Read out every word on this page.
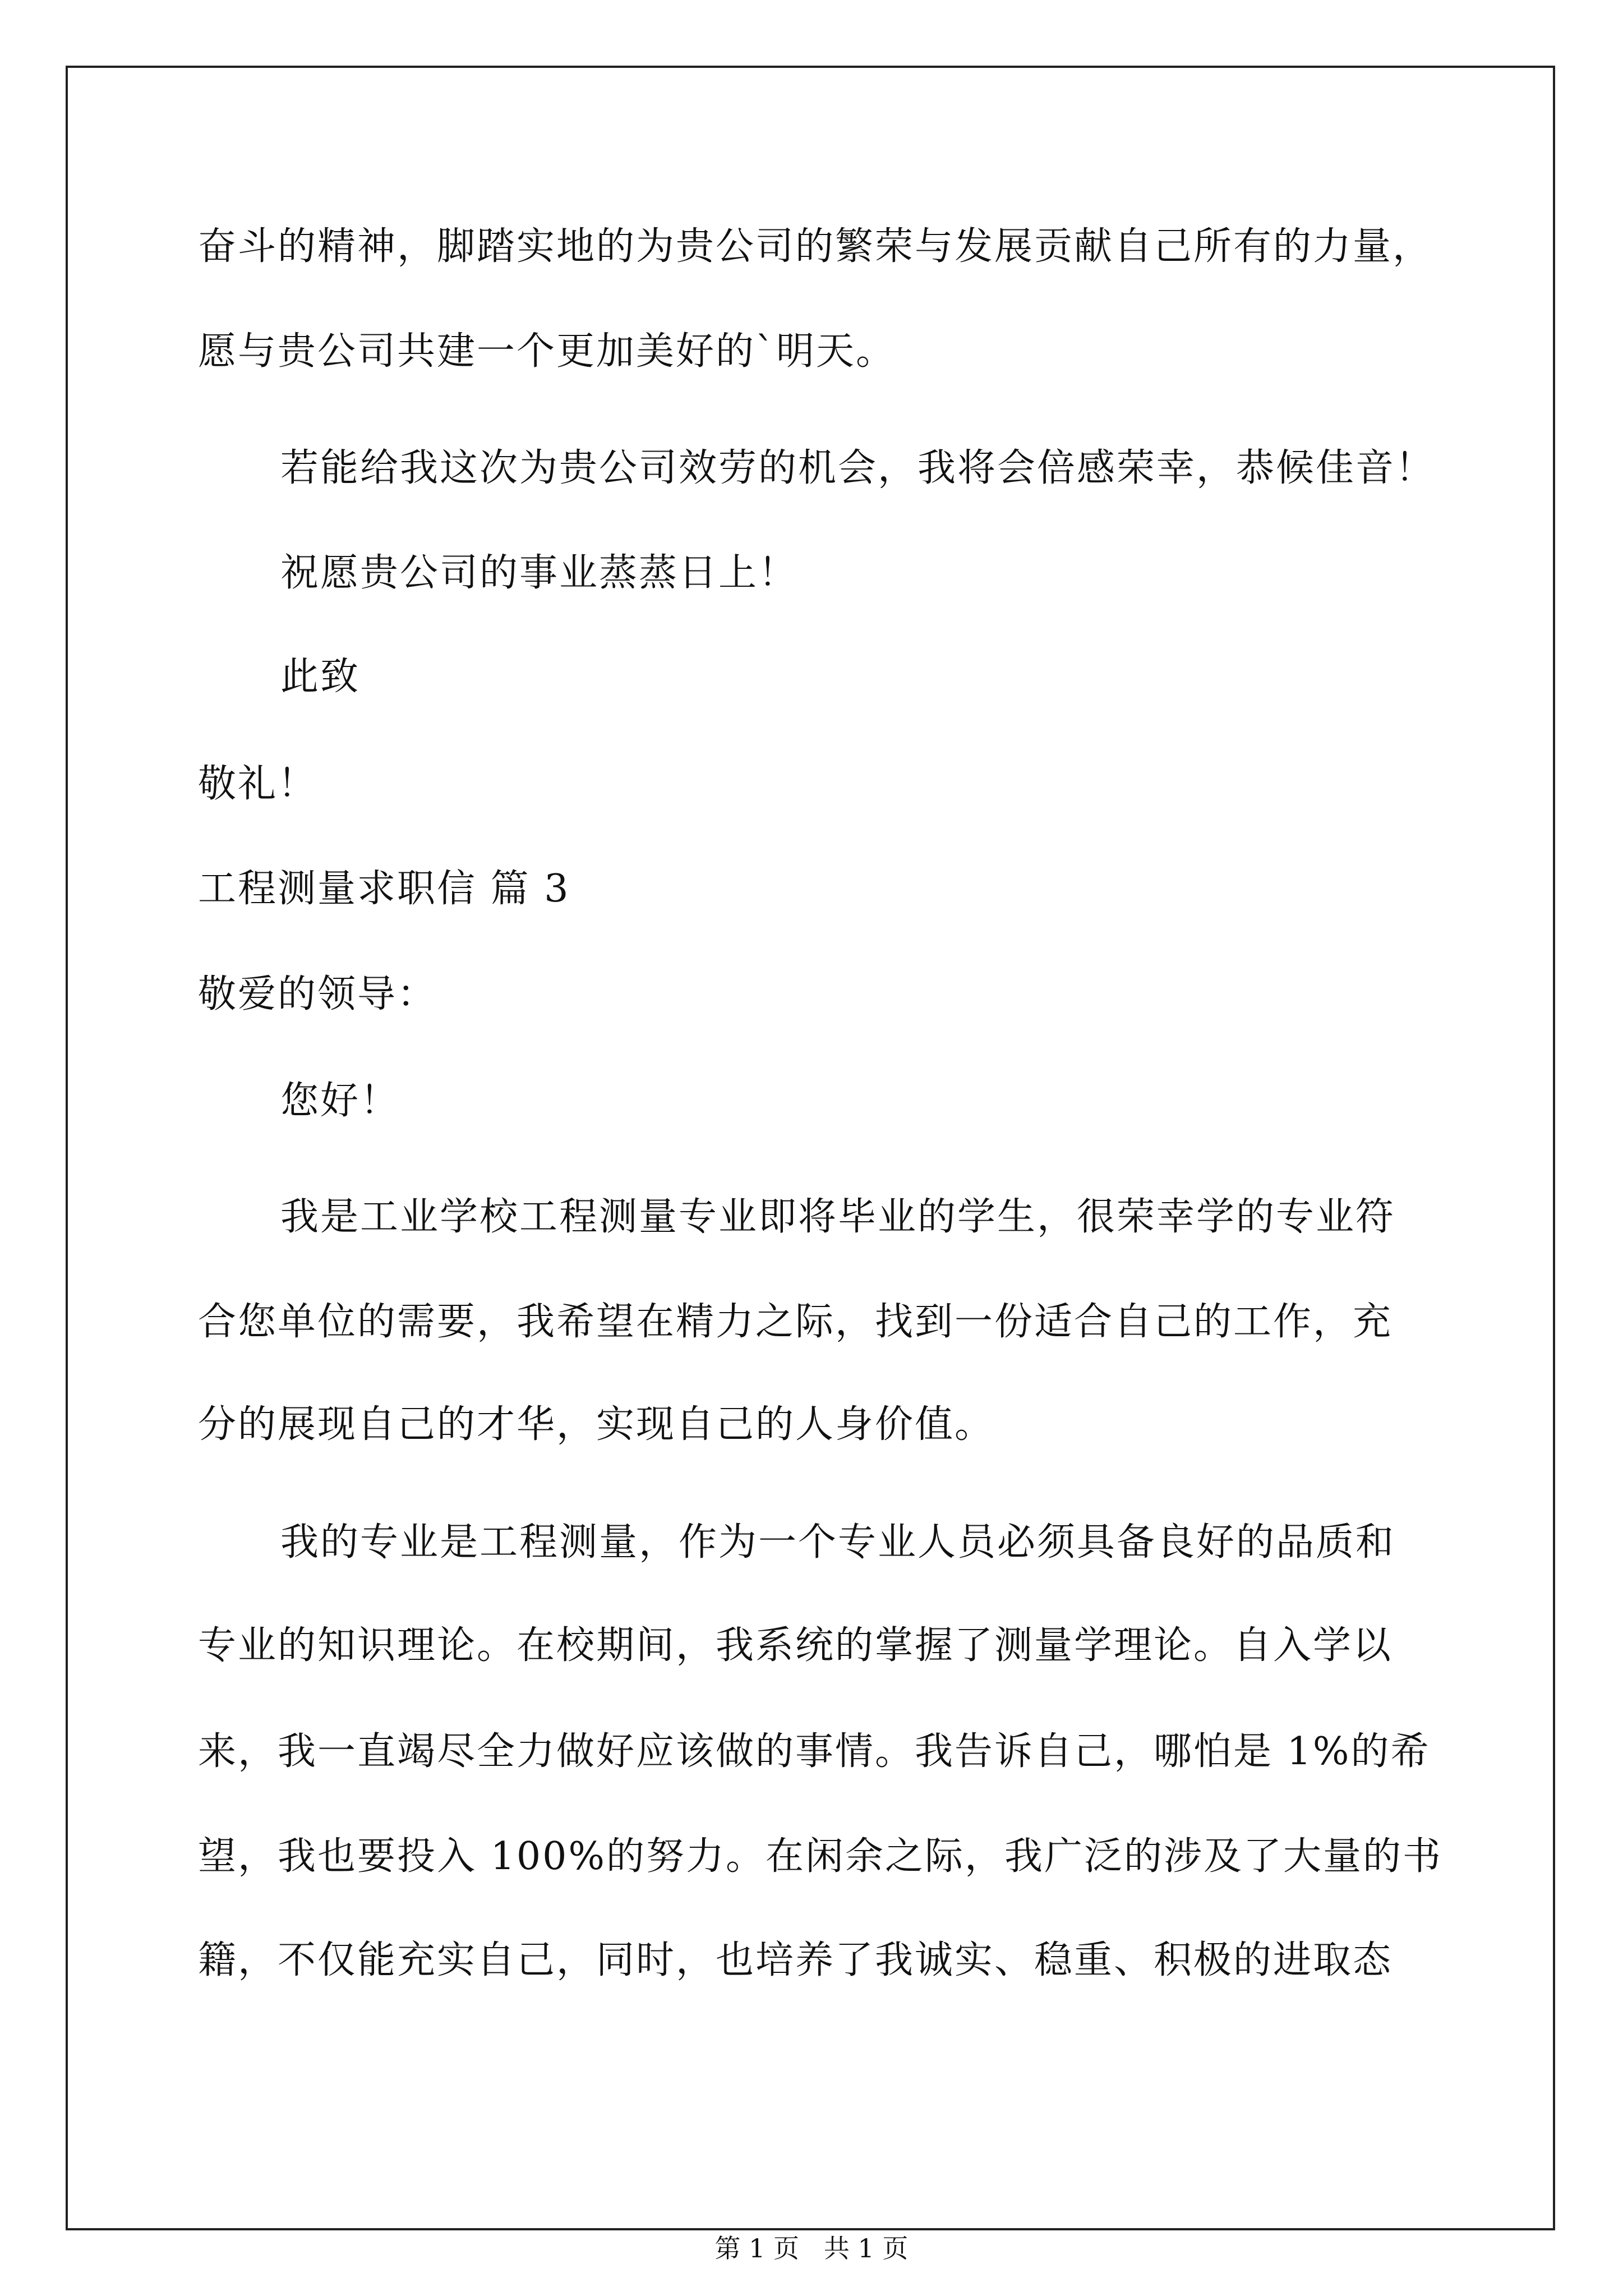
奋斗的精神，脚踏实地的为贵公司的繁荣与发展贡献自己所有的力量，

愿与贵公司共建一个更加美好的`明天。

若能给我这次为贵公司效劳的机会，我将会倍感荣幸，恭候佳音！

祝愿贵公司的事业蒸蒸日上！

此致

敬礼！

工程测量求职信 篇 3

敬爱的领导：

您好！

我是工业学校工程测量专业即将毕业的学生，很荣幸学的专业符

合您单位的需要，我希望在精力之际，找到一份适合自己的工作，充

分的展现自己的才华，实现自己的人身价值。

我的专业是工程测量，作为一个专业人员必须具备良好的品质和

专业的知识理论。在校期间，我系统的掌握了测量学理论。自入学以

来，我一直竭尽全力做好应该做的事情。我告诉自己，哪怕是 1%的希

望，我也要投入 100%的努力。在闲余之际，我广泛的涉及了大量的书

籍，不仅能充实自己，同时，也培养了我诚实、稳重、积极的进取态

第 1 页   共 1 页
